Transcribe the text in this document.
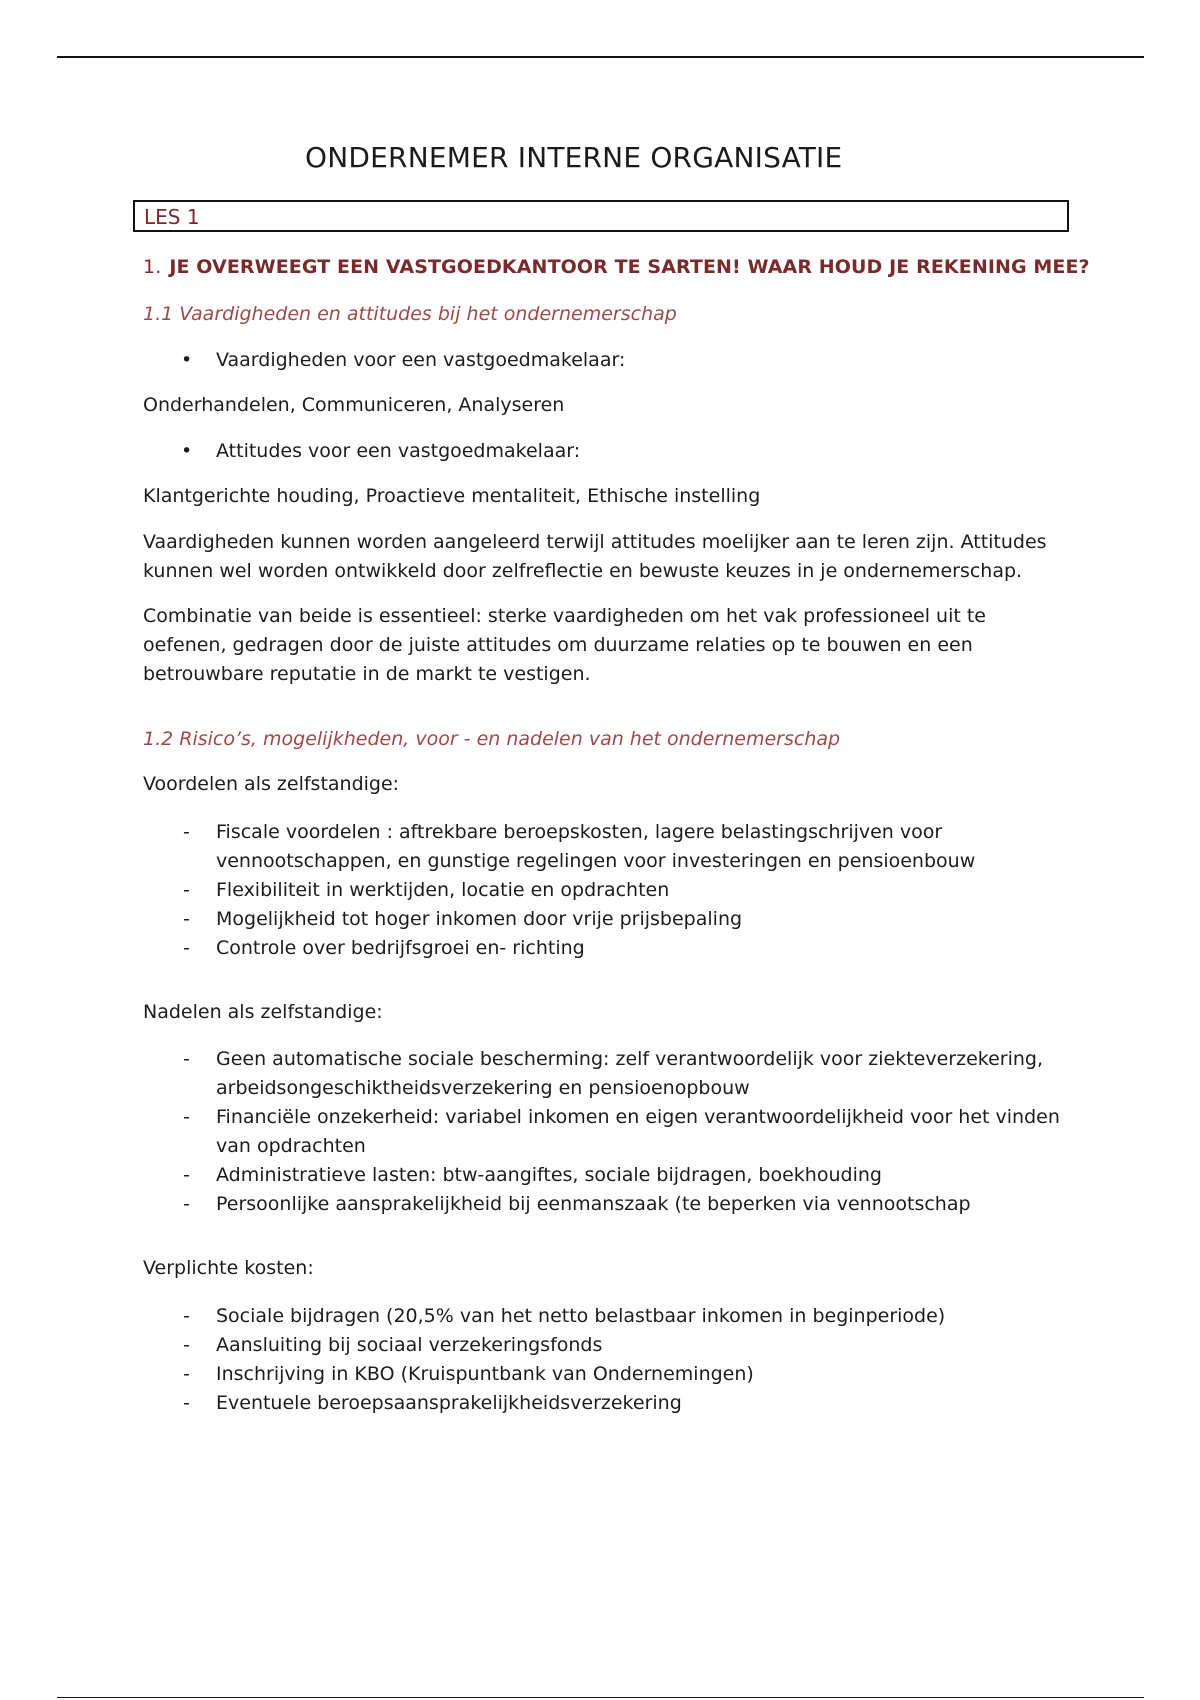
ONDERNEMER INTERNE ORGANISATIE
LES 1
1. JE OVERWEEGT EEN VASTGOEDKANTOOR TE SARTEN! WAAR HOUD JE REKENING MEE?
1.1 Vaardigheden en attitudes bij het ondernemerschap
• Vaardigheden voor een vastgoedmakelaar:
Onderhandelen, Communiceren, Analyseren
• Attitudes voor een vastgoedmakelaar:
Klantgerichte houding, Proactieve mentaliteit, Ethische instelling
Vaardigheden kunnen worden aangeleerd terwijl attitudes moelijker aan te leren zijn. Attitudes kunnen wel worden ontwikkeld door zelfreflectie en bewuste keuzes in je ondernemerschap.
Combinatie van beide is essentieel: sterke vaardigheden om het vak professioneel uit te oefenen, gedragen door de juiste attitudes om duurzame relaties op te bouwen en een betrouwbare reputatie in de markt te vestigen.
1.2 Risico’s, mogelijkheden, voor - en nadelen van het ondernemerschap
Voordelen als zelfstandige:
- Fiscale voordelen : aftrekbare beroepskosten, lagere belastingschrijven voor vennootschappen, en gunstige regelingen voor investeringen en pensioenbouw
- Flexibiliteit in werktijden, locatie en opdrachten
- Mogelijkheid tot hoger inkomen door vrije prijsbepaling
- Controle over bedrijfsgroei en- richting
Nadelen als zelfstandige:
- Geen automatische sociale bescherming: zelf verantwoordelijk voor ziekteverzekering, arbeidsongeschiktheidsverzekering en pensioenopbouw
- Financiële onzekerheid: variabel inkomen en eigen verantwoordelijkheid voor het vinden van opdrachten
- Administratieve lasten: btw-aangiftes, sociale bijdragen, boekhouding
- Persoonlijke aansprakelijkheid bij eenmanszaak (te beperken via vennootschap
Verplichte kosten:
- Sociale bijdragen (20,5% van het netto belastbaar inkomen in beginperiode)
- Aansluiting bij sociaal verzekeringsfonds
- Inschrijving in KBO (Kruispuntbank van Ondernemingen)
- Eventuele beroepsaansprakelijkheidsverzekering
